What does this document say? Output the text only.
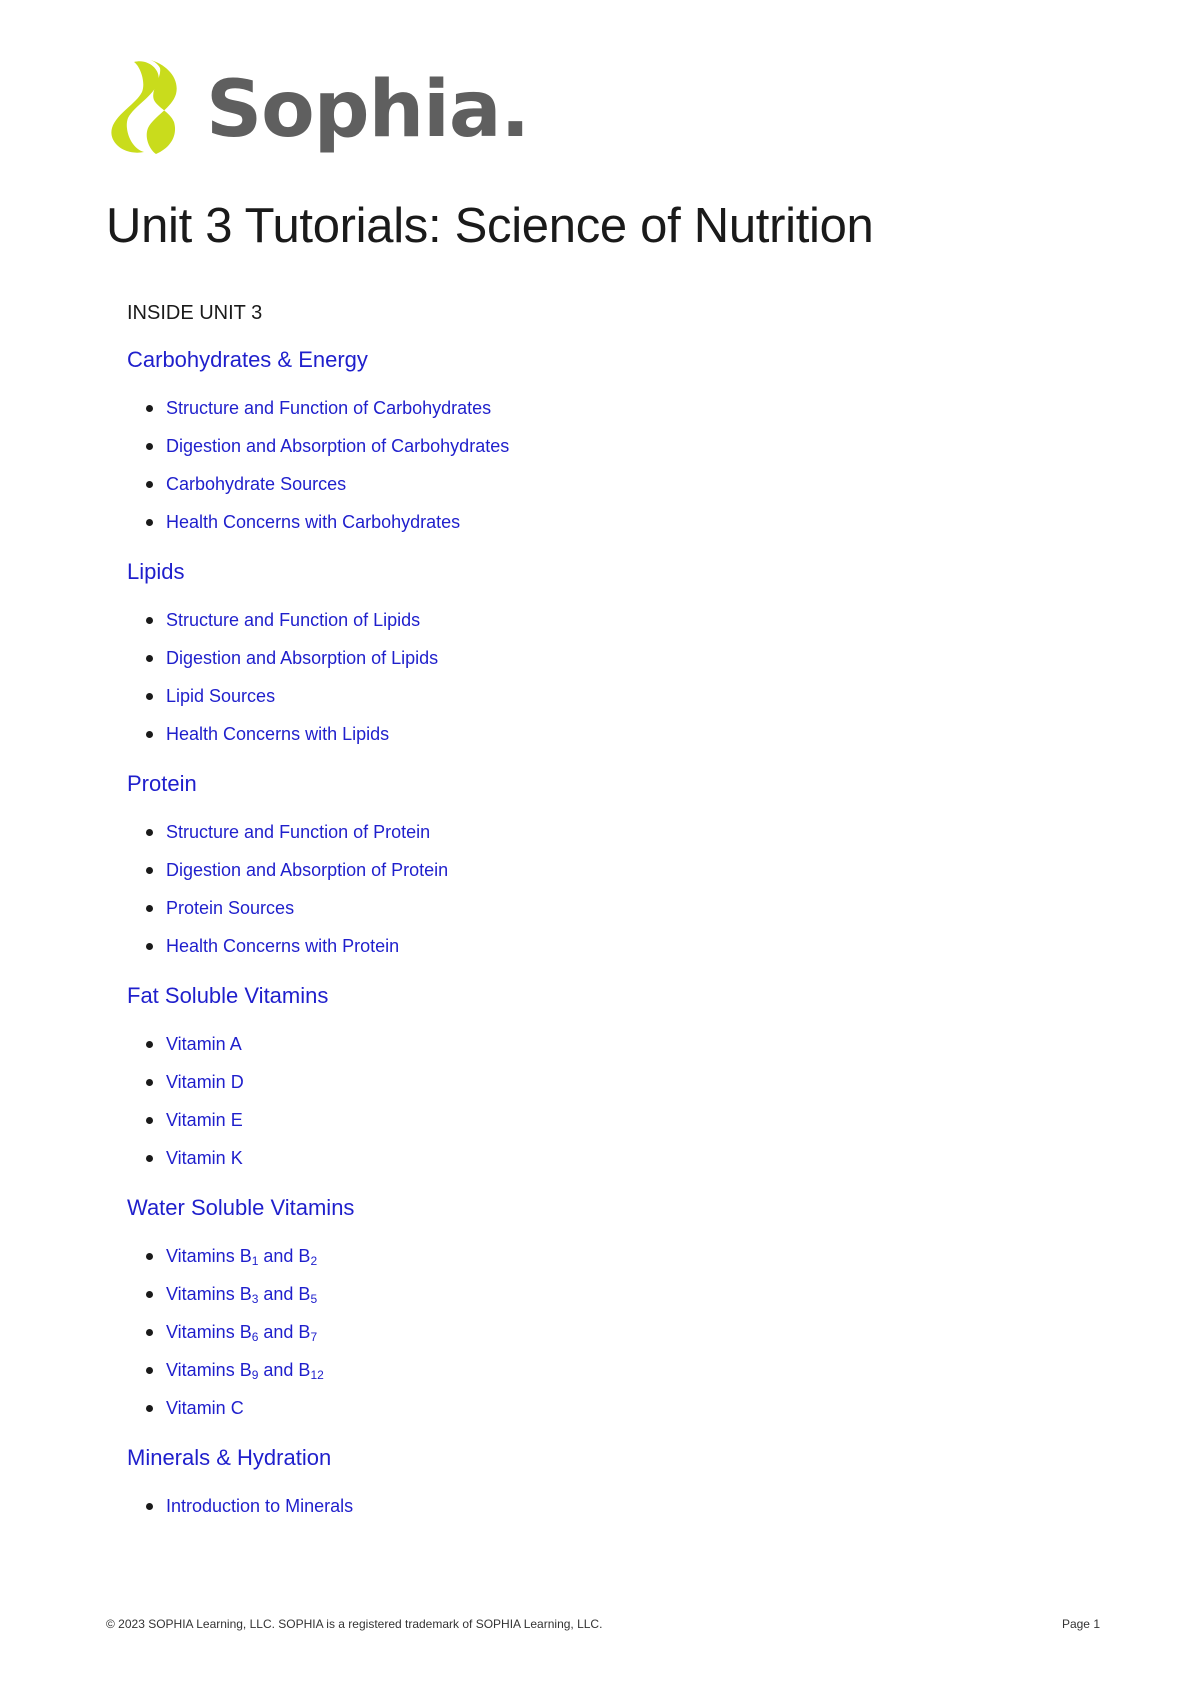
Sophia.
Unit 3 Tutorials: Science of Nutrition
INSIDE UNIT 3
Carbohydrates & Energy
Structure and Function of Carbohydrates
Digestion and Absorption of Carbohydrates
Carbohydrate Sources
Health Concerns with Carbohydrates
Lipids
Structure and Function of Lipids
Digestion and Absorption of Lipids
Lipid Sources
Health Concerns with Lipids
Protein
Structure and Function of Protein
Digestion and Absorption of Protein
Protein Sources
Health Concerns with Protein
Fat Soluble Vitamins
Vitamin A
Vitamin D
Vitamin E
Vitamin K
Water Soluble Vitamins
Vitamins $B_1$ and $B_2$
Vitamins $B_3$ and $B_5$
Vitamins $B_6$ and $B_7$
Vitamins $B_9$ and $B_{12}$
Vitamin C
Minerals & Hydration
Introduction to Minerals
© 2023 SOPHIA Learning, LLC. SOPHIA is a registered trademark of SOPHIA Learning, LLC.	Page 1
